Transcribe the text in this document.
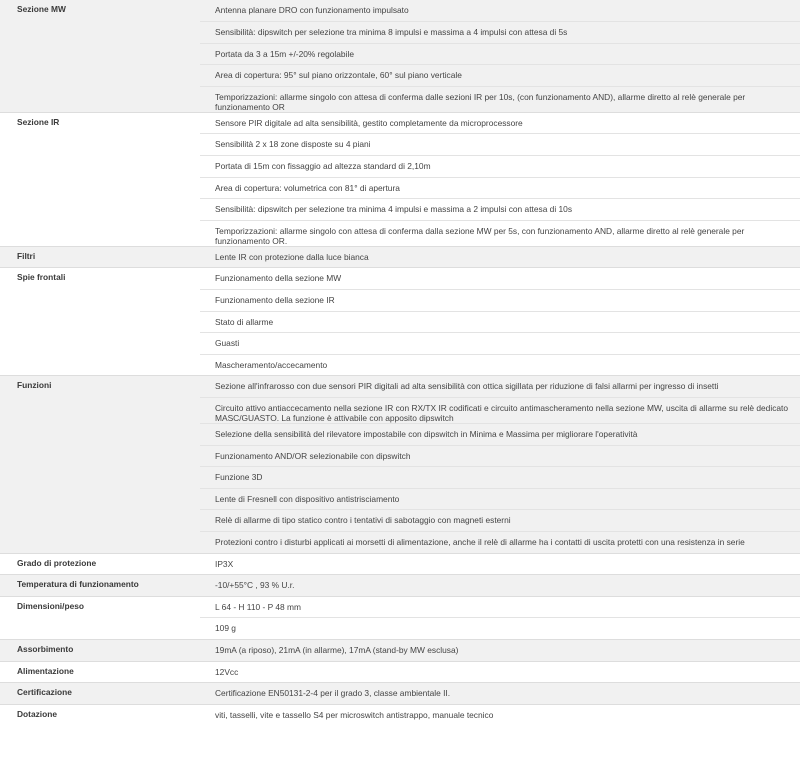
Sezione MW	Antenna planare DRO con funzionamento impulsato
	Sensibilità: dipswitch per selezione tra minima 8 impulsi e massima a 4 impulsi con attesa di 5s
	Portata da 3 a 15m +/-20% regolabile
	Area di copertura: 95° sul piano orizzontale, 60° sul piano verticale
	Temporizzazioni: allarme singolo con attesa di conferma dalle sezioni IR per 10s, (con funzionamento AND), allarme diretto al relè generale per funzionamento OR
Sezione IR	Sensore PIR digitale ad alta sensibilità, gestito completamente da microprocessore
	Sensibilità 2 x 18 zone disposte su 4 piani
	Portata di 15m con fissaggio ad altezza standard di 2,10m
	Area di copertura: volumetrica con 81° di apertura
	Sensibilità: dipswitch per selezione tra minima 4 impulsi e massima a 2 impulsi con attesa di 10s
	Temporizzazioni: allarme singolo con attesa di conferma dalla sezione MW per 5s, con funzionamento AND, allarme diretto al relè generale per funzionamento OR.
Filtri	Lente IR con protezione dalla luce bianca
Spie frontali	Funzionamento della sezione MW
	Funzionamento della sezione IR
	Stato di allarme
	Guasti
	Mascheramento/accecamento
Funzioni	Sezione all'infrarosso con due sensori PIR digitali ad alta sensibilità con ottica sigillata per riduzione di falsi allarmi per ingresso di insetti
	Circuito attivo antiaccecamento nella sezione IR con RX/TX IR codificati e circuito antimascheramento nella sezione MW, uscita di allarme su relè dedicato MASC/GUASTO. La funzione è attivabile con apposito dipswitch
	Selezione della sensibilità del rilevatore impostabile con dipswitch in Minima e Massima per migliorare l'operatività
	Funzionamento AND/OR selezionabile con dipswitch
	Funzione 3D
	Lente di Fresnell con dispositivo antistrisciamento
	Relè di allarme di tipo statico contro i tentativi di sabotaggio con magneti esterni
	Protezioni contro i disturbi applicati ai morsetti di alimentazione, anche il relè di allarme ha i contatti di uscita protetti con una resistenza in serie
Grado di protezione	IP3X
Temperatura di funzionamento	-10/+55°C , 93 % U.r.
Dimensioni/peso	L 64 - H 110 - P 48 mm
	109 g
Assorbimento	19mA (a riposo), 21mA (in allarme), 17mA (stand-by MW esclusa)
Alimentazione	12Vcc
Certificazione	Certificazione EN50131-2-4 per il grado 3, classe ambientale II.
Dotazione	viti, tasselli, vite e tassello S4 per microswitch antistrappo, manuale tecnico
